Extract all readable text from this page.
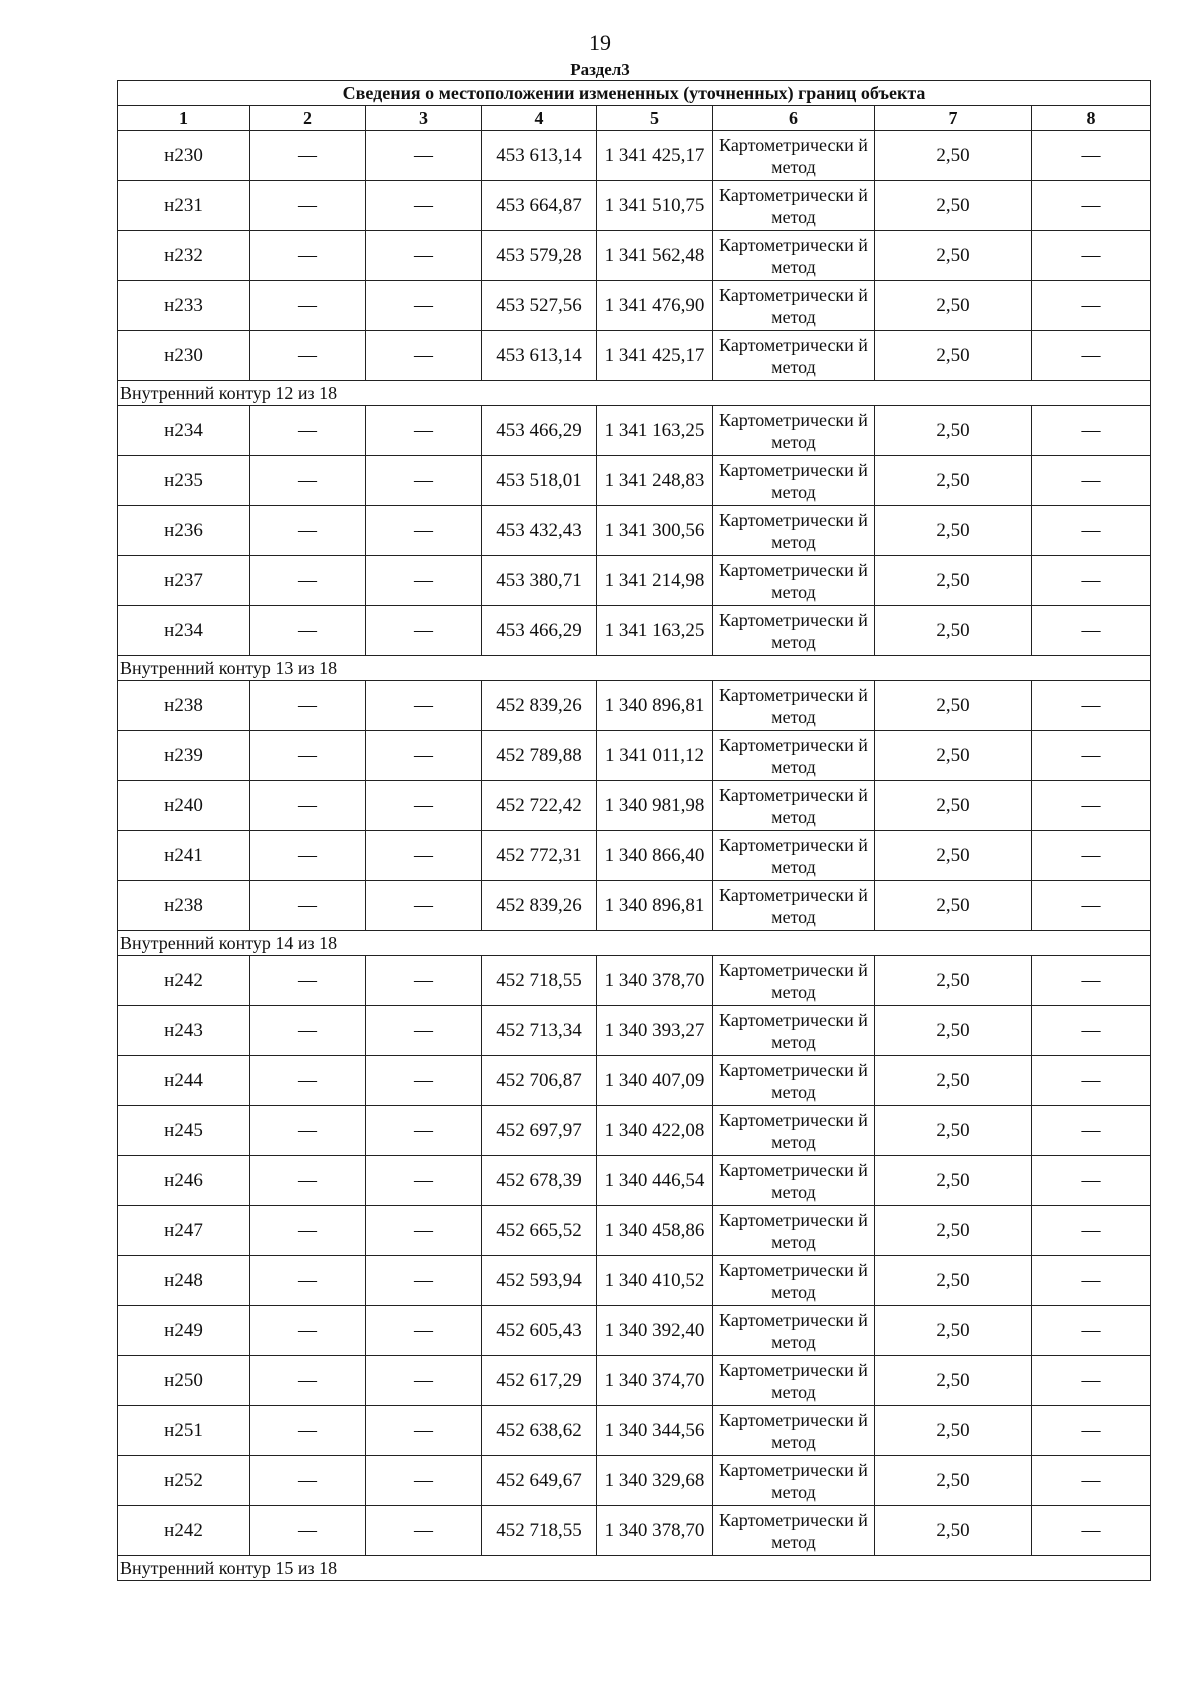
19
Раздел3
Сведения о местоположении измененных (уточненных) границ объекта							
1	2	3	4	5	6	7	8
н230	—	—	453 613,14	1 341 425,17	Картометрически й метод	2,50	—
н231	—	—	453 664,87	1 341 510,75	Картометрически й метод	2,50	—
н232	—	—	453 579,28	1 341 562,48	Картометрически й метод	2,50	—
н233	—	—	453 527,56	1 341 476,90	Картометрически й метод	2,50	—
н230	—	—	453 613,14	1 341 425,17	Картометрически й метод	2,50	—
Внутренний контур 12 из 18							
н234	—	—	453 466,29	1 341 163,25	Картометрически й метод	2,50	—
н235	—	—	453 518,01	1 341 248,83	Картометрически й метод	2,50	—
н236	—	—	453 432,43	1 341 300,56	Картометрически й метод	2,50	—
н237	—	—	453 380,71	1 341 214,98	Картометрически й метод	2,50	—
н234	—	—	453 466,29	1 341 163,25	Картометрически й метод	2,50	—
Внутренний контур 13 из 18							
н238	—	—	452 839,26	1 340 896,81	Картометрически й метод	2,50	—
н239	—	—	452 789,88	1 341 011,12	Картометрически й метод	2,50	—
н240	—	—	452 722,42	1 340 981,98	Картометрически й метод	2,50	—
н241	—	—	452 772,31	1 340 866,40	Картометрически й метод	2,50	—
н238	—	—	452 839,26	1 340 896,81	Картометрически й метод	2,50	—
Внутренний контур 14 из 18							
н242	—	—	452 718,55	1 340 378,70	Картометрически й метод	2,50	—
н243	—	—	452 713,34	1 340 393,27	Картометрически й метод	2,50	—
н244	—	—	452 706,87	1 340 407,09	Картометрически й метод	2,50	—
н245	—	—	452 697,97	1 340 422,08	Картометрически й метод	2,50	—
н246	—	—	452 678,39	1 340 446,54	Картометрически й метод	2,50	—
н247	—	—	452 665,52	1 340 458,86	Картометрически й метод	2,50	—
н248	—	—	452 593,94	1 340 410,52	Картометрически й метод	2,50	—
н249	—	—	452 605,43	1 340 392,40	Картометрически й метод	2,50	—
н250	—	—	452 617,29	1 340 374,70	Картометрически й метод	2,50	—
н251	—	—	452 638,62	1 340 344,56	Картометрически й метод	2,50	—
н252	—	—	452 649,67	1 340 329,68	Картометрически й метод	2,50	—
н242	—	—	452 718,55	1 340 378,70	Картометрически й метод	2,50	—
Внутренний контур 15 из 18							
